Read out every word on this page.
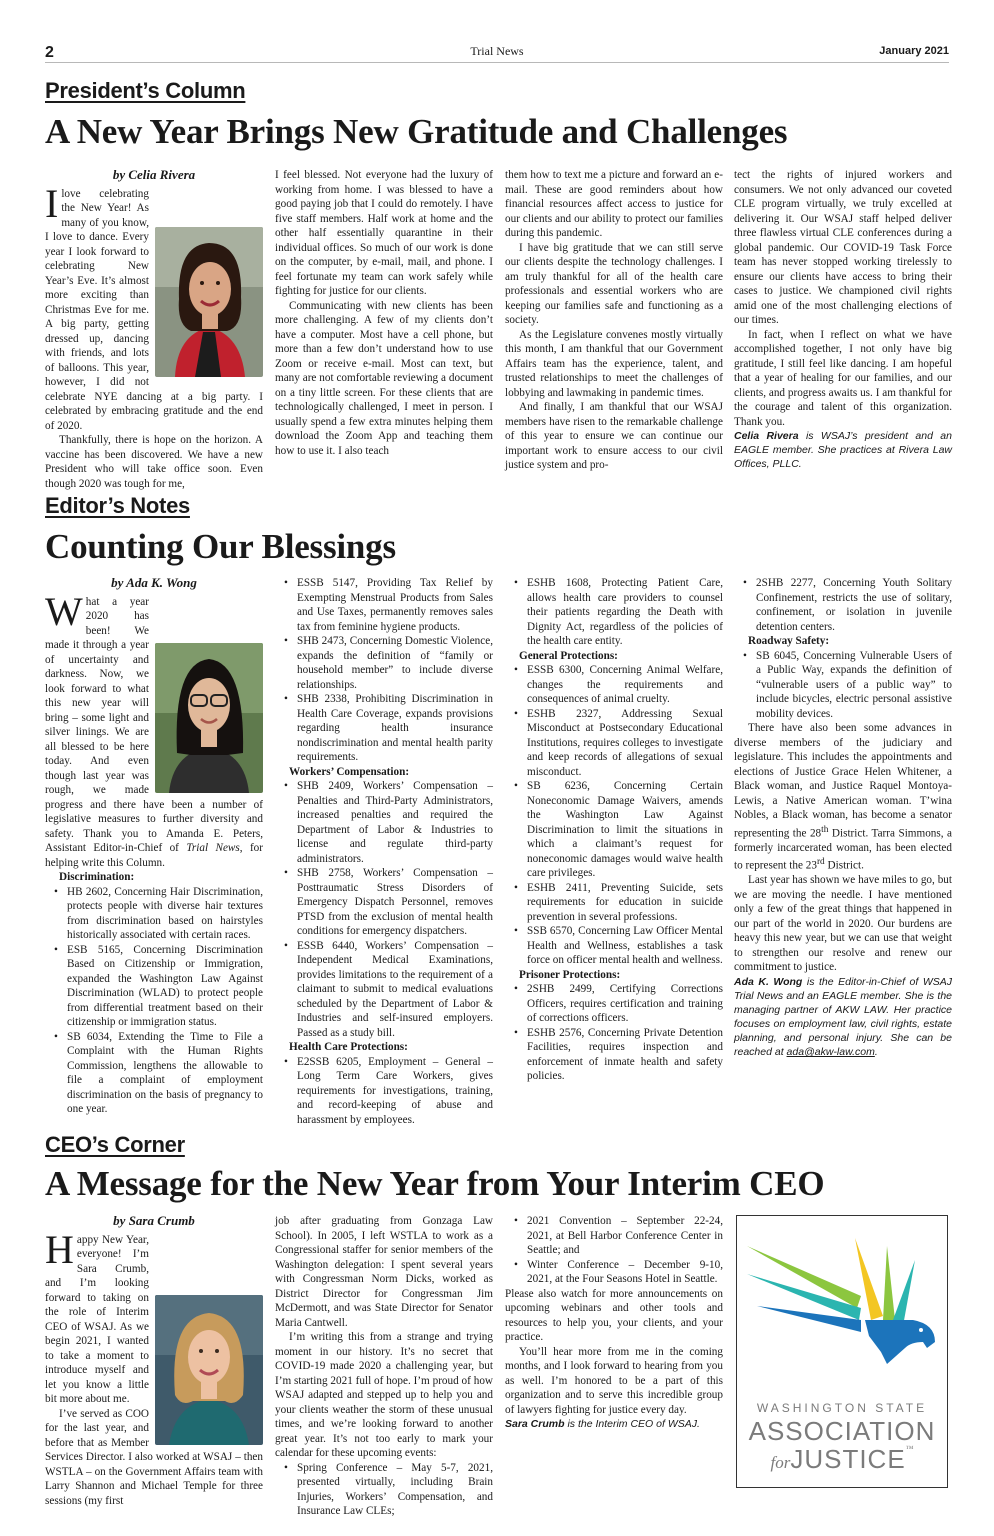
2	Trial News	January 2021
President’s Column
A New Year Brings New Gratitude and Challenges

by Celia Rivera

Ilove celebrating the New Year! As many of you know, I love to dance. Every year I look forward to celebrating New Year’s Eve. It’s almost more exciting than Christmas Eve for me. A big party, getting dressed up, dancing with friends, and lots of balloons. This year, however, I did not celebrate NYE dancing at a big party. I celebrated by embracing gratitude and the end of 2020.

Thankfully, there is hope on the horizon. A vaccine has been discovered. We have a new President who will take office soon. Even though 2020 was tough for me,

I feel blessed. Not everyone had the luxury of working from home. I was blessed to have a good paying job that I could do remotely. I have five staff members. Half work at home and the other half essentially quarantine in their individual offices. So much of our work is done on the computer, by e-mail, mail, and phone. I feel fortunate my team can work safely while fighting for justice for our clients.

Communicating with new clients has been more challenging. A few of my clients don’t have a computer. Most have a cell phone, but more than a few don’t understand how to use Zoom or receive e-mail. Most can text, but many are not comfortable reviewing a document on a tiny little screen. For these clients that are technologically challenged, I meet in person. I usually spend a few extra minutes helping them download the Zoom App and teaching them how to use it. I also teach

them how to text me a picture and forward an e-mail. These are good reminders about how financial resources affect access to justice for our clients and our ability to protect our families during this pandemic.

I have big gratitude that we can still serve our clients despite the technology challenges. I am truly thankful for all of the health care professionals and essential workers who are keeping our families safe and functioning as a society.

As the Legislature convenes mostly virtually this month, I am thankful that our Government Affairs team has the experience, talent, and trusted relationships to meet the challenges of lobbying and lawmaking in pandemic times.

And finally, I am thankful that our WSAJ members have risen to the remarkable challenge of this year to ensure we can continue our important work to ensure access to our civil justice system and pro-

tect the rights of injured workers and consumers. We not only advanced our coveted CLE program virtually, we truly excelled at delivering it. Our WSAJ staff helped deliver three flawless virtual CLE conferences during a global pandemic. Our COVID-19 Task Force team has never stopped working tirelessly to ensure our clients have access to bring their cases to justice. We championed civil rights amid one of the most challenging elections of our times.

In fact, when I reflect on what we have accomplished together, I not only have big gratitude, I still feel like dancing. I am hopeful that a year of healing for our families, and our clients, and progress awaits us. I am thankful for the courage and talent of this organization. Thank you.

Celia Rivera is WSAJ’s president and an EAGLE member. She practices at Rivera Law Offices, PLLC.

Editor’s Notes
Counting Our Blessings

by Ada K. Wong

What a year 2020 has been! We made it through a year of uncertainty and darkness. Now, we look forward to what this new year will bring – some light and silver linings. We are all blessed to be here today. And even though last year was rough, we made progress and there have been a number of legislative measures to further diversity and safety. Thank you to Amanda E. Peters, Assistant Editor-in-Chief of Trial News, for helping write this Column.

Discrimination:

• HB 2602, Concerning Hair Discrimination, protects people with diverse hair textures from discrimination based on hairstyles historically associated with certain races.
• ESB 5165, Concerning Discrimination Based on Citizenship or Immigration, expanded the Washington Law Against Discrimination (WLAD) to protect people from differential treatment based on their citizenship or immigration status.
• SB 6034, Extending the Time to File a Complaint with the Human Rights Commission, lengthens the allowable to file a complaint of employment discrimination on the basis of pregnancy to one year.
• ESSB 5147, Providing Tax Relief by Exempting Menstrual Products from Sales and Use Taxes, permanently removes sales tax from feminine hygiene products.
• SHB 2473, Concerning Domestic Violence, expands the definition of “family or household member” to include diverse relationships.
• SHB 2338, Prohibiting Discrimination in Health Care Coverage, expands provisions regarding health insurance nondiscrimination and mental health parity requirements.

Workers’ Compensation:

• SHB 2409, Workers’ Compensation – Penalties and Third-Party Administrators, increased penalties and required the Department of Labor & Industries to license and regulate third-party administrators.
• SHB 2758, Workers’ Compensation – Posttraumatic Stress Disorders of Emergency Dispatch Personnel, removes PTSD from the exclusion of mental health conditions for emergency dispatchers.
• ESSB 6440, Workers’ Compensation – Independent Medical Examinations, provides limitations to the requirement of a claimant to submit to medical evaluations scheduled by the Department of Labor & Industries and self-insured employers. Passed as a study bill.

Health Care Protections:

• E2SSB 6205, Employment – General – Long Term Care Workers, gives requirements for investigations, training, and record-keeping of abuse and harassment by employees.
• ESHB 1608, Protecting Patient Care, allows health care providers to counsel their patients regarding the Death with Dignity Act, regardless of the policies of the health care entity.

General Protections:

• ESSB 6300, Concerning Animal Welfare, changes the requirements and consequences of animal cruelty.
• ESHB 2327, Addressing Sexual Misconduct at Postsecondary Educational Institutions, requires colleges to investigate and keep records of allegations of sexual misconduct.
• SB 6236, Concerning Certain Noneconomic Damage Waivers, amends the Washington Law Against Discrimination to limit the situations in which a claimant’s request for noneconomic damages would waive health care privileges.
• ESHB 2411, Preventing Suicide, sets requirements for education in suicide prevention in several professions.
• SSB 6570, Concerning Law Officer Mental Health and Wellness, establishes a task force on officer mental health and wellness.

Prisoner Protections:

• 2SHB 2499, Certifying Corrections Officers, requires certification and training of corrections officers.
• ESHB 2576, Concerning Private Detention Facilities, requires inspection and enforcement of inmate health and safety policies.
• 2SHB 2277, Concerning Youth Solitary Confinement, restricts the use of solitary, confinement, or isolation in juvenile detention centers.

Roadway Safety:

• SB 6045, Concerning Vulnerable Users of a Public Way, expands the definition of “vulnerable users of a public way” to include bicycles, electric personal assistive mobility devices.

There have also been some advances in diverse members of the judiciary and legislature. This includes the appointments and elections of Justice Grace Helen Whitener, a Black woman, and Justice Raquel Montoya-Lewis, a Native American woman. T’wina Nobles, a Black woman, has become a senator representing the 28th District. Tarra Simmons, a formerly incarcerated woman, has been elected to represent the 23rd District.

Last year has shown we have miles to go, but we are moving the needle. I have mentioned only a few of the great things that happened in our part of the world in 2020. Our burdens are heavy this new year, but we can use that weight to strengthen our resolve and renew our commitment to justice.

Ada K. Wong is the Editor-in-Chief of WSAJ Trial News and an EAGLE member. She is the managing partner of AKW LAW. Her practice focuses on employment law, civil rights, estate planning, and personal injury. She can be reached at ada@akw-law.com.

CEO’s Corner
A Message for the New Year from Your Interim CEO

by Sara Crumb

Happy New Year, everyone! I’m Sara Crumb, and I’m looking forward to taking on the role of Interim CEO of WSAJ. As we begin 2021, I wanted to take a moment to introduce myself and let you know a little bit more about me.

I’ve served as COO for the last year, and before that as Member Services Director. I also worked at WSAJ – then WSTLA – on the Government Affairs team with Larry Shannon and Michael Temple for three sessions (my first

job after graduating from Gonzaga Law School). In 2005, I left WSTLA to work as a Congressional staffer for senior members of the Washington delegation: I spent several years with Congressman Norm Dicks, worked as District Director for Congressman Jim McDermott, and was State Director for Senator Maria Cantwell.

I’m writing this from a strange and trying moment in our history. It’s no secret that COVID-19 made 2020 a challenging year, but I’m starting 2021 full of hope. I’m proud of how WSAJ adapted and stepped up to help you and your clients weather the storm of these unusual times, and we’re looking forward to another great year. It’s not too early to mark your calendar for these upcoming events:

• Spring Conference – May 5-7, 2021, presented virtually, including Brain Injuries, Workers’ Compensation, and Insurance Law CLEs;
• 2021 Convention – September 22-24, 2021, at Bell Harbor Conference Center in Seattle; and
• Winter Conference – December 9-10, 2021, at the Four Seasons Hotel in Seattle.

Please also watch for more announcements on upcoming webinars and other tools and resources to help you, your clients, and your practice.

You’ll hear more from me in the coming months, and I look forward to hearing from you as well. I’m honored to be a part of this organization and to serve this incredible group of lawyers fighting for justice every day.

Sara Crumb is the Interim CEO of WSAJ.

WASHINGTON STATE
ASSOCIATION
forJUSTICE™
